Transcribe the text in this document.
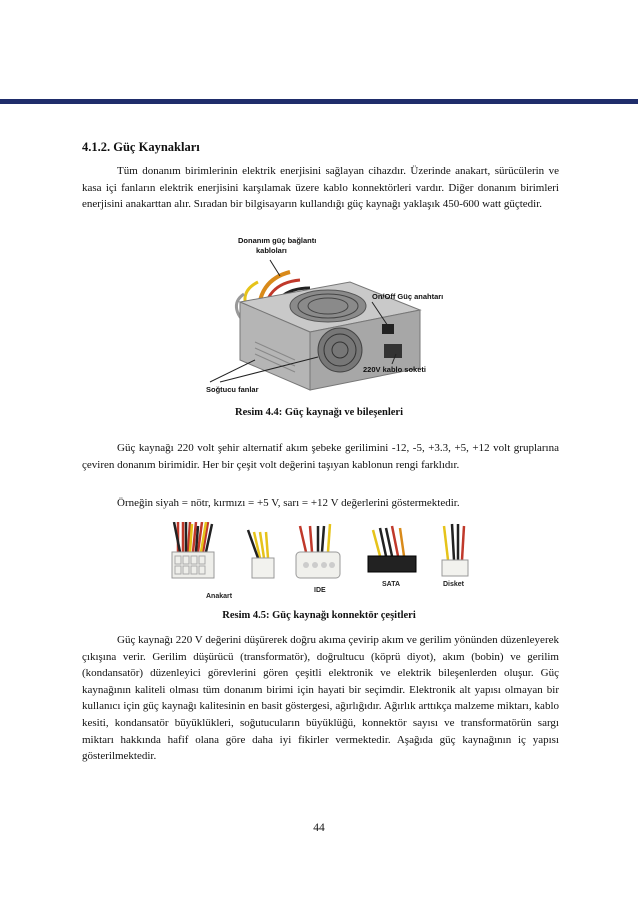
4.1.2. Güç Kaynakları

Tüm donanım birimlerinin elektrik enerjisini sağlayan cihazdır. Üzerinde anakart, sürücülerin ve kasa içi fanların elektrik enerjisini karşılamak üzere kablo konnektörleri vardır. Diğer donanım birimleri enerjisini anakarttan alır. Sıradan bir bilgisayarın kullandığı güç kaynağı yaklaşık 450-600 watt güçtedir.

Donanım güç bağlantı
kabloları
On/Off Güç anahtarı
220V kablo soketi
Soğtucu fanlar
Resim 4.4: Güç kaynağı ve bileşenleri

Güç kaynağı 220 volt şehir alternatif akım şebeke gerilimini -12, -5, +3.3, +5, +12 volt gruplarına çeviren donanım birimidir. Her bir çeşit volt değerini taşıyan kablonun rengi farklıdır.

Örneğin siyah = nötr, kırmızı = +5 V, sarı = +12 V değerlerini göstermektedir.

Anakart
IDE
SATA	Disket
Resim 4.5: Güç kaynağı konnektör çeşitleri

Güç kaynağı 220 V değerini düşürerek doğru akıma çevirip akım ve gerilim yönünden düzenleyerek çıkışına verir. Gerilim düşürücü (transformatör), doğrultucu (köprü diyot), akım (bobin) ve gerilim (kondansatör) düzenleyici görevlerini gören çeşitli elektronik ve elektrik bileşenlerden oluşur. Güç kaynağının kaliteli olması tüm donanım birimi için hayati bir seçimdir. Elektronik alt yapısı olmayan bir kullanıcı için güç kaynağı kalitesinin en basit göstergesi, ağırlığıdır. Ağırlık arttıkça malzeme miktarı, kablo kesiti, kondansatör büyüklükleri, soğutucuların büyüklüğü, konnektör sayısı ve transformatörün sargı miktarı hakkında hafif olana göre daha iyi fikirler vermektedir. Aşağıda güç kaynağının iç yapısı gösterilmektedir.

44
